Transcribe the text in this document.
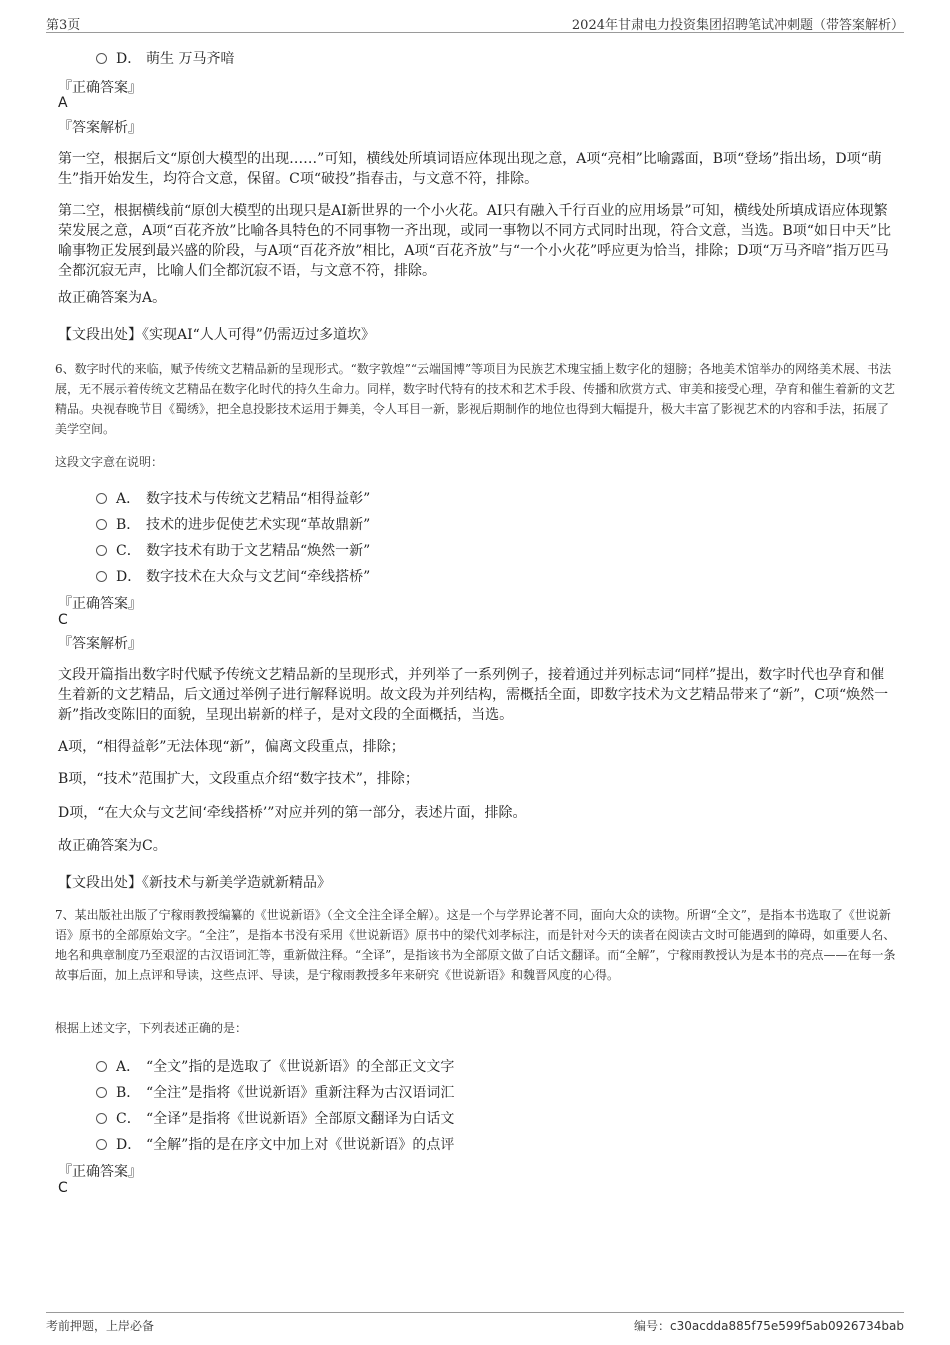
第3页	2024年甘肃电力投资集团招聘笔试冲刺题（带答案解析）
D． 萌生 万马齐喑
『正确答案』
A
『答案解析』
第一空，根据后文“原创大模型的出现……”可知，横线处所填词语应体现出现之意，A项“亮相”比喻露面，B项“登场”指出场，D项“萌生”指开始发生，均符合文意，保留。C项“破投”指春击，与文意不符，排除。
第二空，根据横线前“原创大模型的出现只是AI新世界的一个小火花。AI只有融入千行百业的应用场景”可知，横线处所填成语应体现繁荣发展之意，A项“百花齐放”比喻各具特色的不同事物一齐出现，或同一事物以不同方式同时出现，符合文意，当选。B项“如日中天”比喻事物正发展到最兴盛的阶段，与A项“百花齐放”相比，A项“百花齐放”与“一个小火花”呼应更为恰当，排除；D项“万马齐喑”指万匹马全都沉寂无声，比喻人们全都沉寂不语，与文意不符，排除。
故正确答案为A。
【文段出处】《实现AI“人人可得”仍需迈过多道坎》
6、数字时代的来临，赋予传统文艺精品新的呈现形式。“数字敦煌”“云端国博”等项目为民族艺术瑰宝插上数字化的翅膀；各地美术馆举办的网络美术展、书法展，无不展示着传统文艺精品在数字化时代的持久生命力。同样，数字时代特有的技术和艺术手段、传播和欣赏方式、审美和接受心理，孕育和催生着新的文艺精品。央视春晚节目《蜀绣》，把全息投影技术运用于舞美，令人耳目一新，影视后期制作的地位也得到大幅提升，极大丰富了影视艺术的内容和手法，拓展了美学空间。
这段文字意在说明：
A． 数字技术与传统文艺精品“相得益彰”
B． 技术的进步促使艺术实现“革故鼎新”
C． 数字技术有助于文艺精品“焕然一新”
D． 数字技术在大众与文艺间“牵线搭桥”
『正确答案』
C
『答案解析』
文段开篇指出数字时代赋予传统文艺精品新的呈现形式，并列举了一系列例子，接着通过并列标志词“同样”提出，数字时代也孕育和催生着新的文艺精品，后文通过举例子进行解释说明。故文段为并列结构，需概括全面，即数字技术为文艺精品带来了“新”，C项“焕然一新”指改变陈旧的面貌，呈现出崭新的样子，是对文段的全面概括，当选。
A项，“相得益彰”无法体现“新”，偏离文段重点，排除；
B项，“技术”范围扩大，文段重点介绍“数字技术”，排除；
D项，“在大众与文艺间‘牵线搭桥’”对应并列的第一部分，表述片面，排除。
故正确答案为C。
【文段出处】《新技术与新美学造就新精品》
7、某出版社出版了宁稼雨教授编纂的《世说新语》（全文全注全译全解）。这是一个与学界论著不同，面向大众的读物。所谓“全文”，是指本书选取了《世说新语》原书的全部原始文字。“全注”，是指本书没有采用《世说新语》原书中的梁代刘孝标注，而是针对今天的读者在阅读古文时可能遇到的障碍，如重要人名、地名和典章制度乃至艰涩的古汉语词汇等，重新做注释。“全译”，是指该书为全部原文做了白话文翻译。而“全解”，宁稼雨教授认为是本书的亮点——在每一条故事后面，加上点评和导读，这些点评、导读，是宁稼雨教授多年来研究《世说新语》和魏晋风度的心得。
根据上述文字，下列表述正确的是：
A． “全文”指的是选取了《世说新语》的全部正文文字
B． “全注”是指将《世说新语》重新注释为古汉语词汇
C． “全译”是指将《世说新语》全部原文翻译为白话文
D． “全解”指的是在序文中加上对《世说新语》的点评
『正确答案』
C
考前押题，上岸必备	编号：c30acdda885f75e599f5ab0926734bab
